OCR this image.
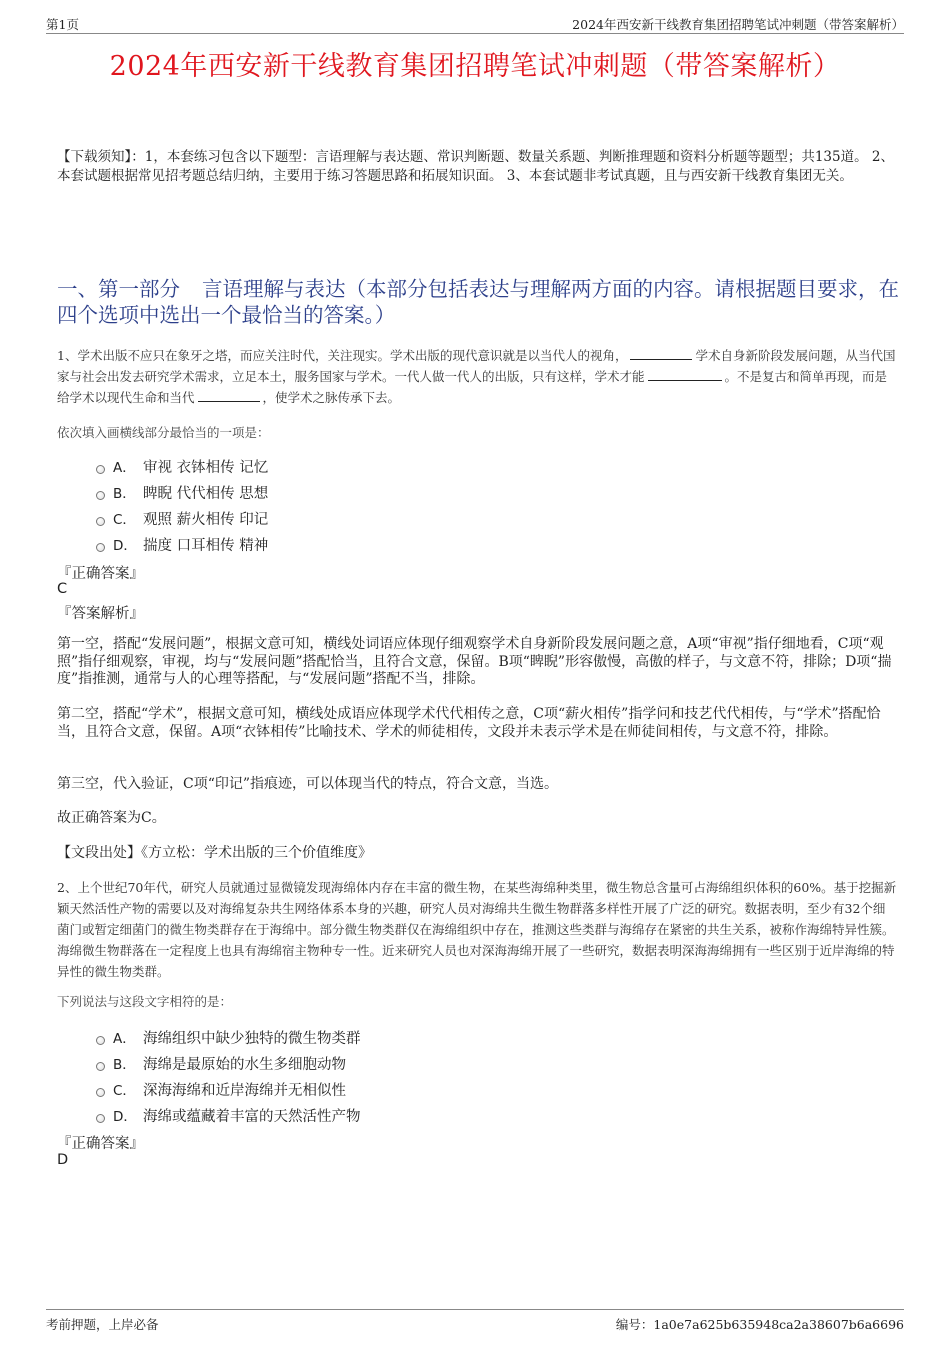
第1页	2024年西安新干线教育集团招聘笔试冲刺题（带答案解析）
2024年西安新干线教育集团招聘笔试冲刺题（带答案解析）
【下载须知】：1，本套练习包含以下题型：言语理解与表达题、常识判断题、数量关系题、判断推理题和资料分析题等题型；共135道。 2、本套试题根据常见招考题总结归纳，主要用于练习答题思路和拓展知识面。 3、本套试题非考试真题，且与西安新干线教育集团无关。
一、第一部分 言语理解与表达（本部分包括表达与理解两方面的内容。请根据题目要求，在四个选项中选出一个最恰当的答案。）
1、学术出版不应只在象牙之塔，而应关注时代，关注现实。学术出版的现代意识就是以当代人的视角，	学术自身新阶段发展问题，从当代国家与社会出发去研究学术需求，立足本土，服务国家与学术。一代人做一代人的出版，只有这样，学术才能	。不是复古和简单再现，而是给学术以现代生命和当代	，使学术之脉传承下去。
依次填入画横线部分最恰当的一项是：
A． 审视 衣钵相传 记忆
B． 睥睨 代代相传 思想
C． 观照 薪火相传 印记
D． 揣度 口耳相传 精神
『正确答案』
C
『答案解析』
第一空，搭配“发展问题”，根据文意可知，横线处词语应体现仔细观察学术自身新阶段发展问题之意，A项“审视”指仔细地看，C项“观照”指仔细观察，审视，均与“发展问题”搭配恰当，且符合文意，保留。B项“睥睨”形容傲慢，高傲的样子，与文意不符，排除；D项“揣度”指推测，通常与人的心理等搭配，与“发展问题”搭配不当，排除。
第二空，搭配“学术”，根据文意可知，横线处成语应体现学术代代相传之意，C项“薪火相传”指学问和技艺代代相传，与“学术”搭配恰当，且符合文意，保留。A项“衣钵相传”比喻技术、学术的师徒相传，文段并未表示学术是在师徒间相传，与文意不符，排除。
第三空，代入验证，C项“印记”指痕迹，可以体现当代的特点，符合文意，当选。
故正确答案为C。
【文段出处】《方立松：学术出版的三个价值维度》
2、上个世纪70年代，研究人员就通过显微镜发现海绵体内存在丰富的微生物，在某些海绵种类里，微生物总含量可占海绵组织体积的60%。基于挖掘新颖天然活性产物的需要以及对海绵复杂共生网络体系本身的兴趣，研究人员对海绵共生微生物群落多样性开展了广泛的研究。数据表明，至少有32个细菌门或暂定细菌门的微生物类群存在于海绵中。部分微生物类群仅在海绵组织中存在，推测这些类群与海绵存在紧密的共生关系，被称作海绵特异性簇。海绵微生物群落在一定程度上也具有海绵宿主物种专一性。近来研究人员也对深海海绵开展了一些研究，数据表明深海海绵拥有一些区别于近岸海绵的特异性的微生物类群。
下列说法与这段文字相符的是：
A． 海绵组织中缺少独特的微生物类群
B． 海绵是最原始的水生多细胞动物
C． 深海海绵和近岸海绵并无相似性
D． 海绵或蕴藏着丰富的天然活性产物
『正确答案』
D
考前押题，上岸必备	编号：1a0e7a625b635948ca2a38607b6a6696
